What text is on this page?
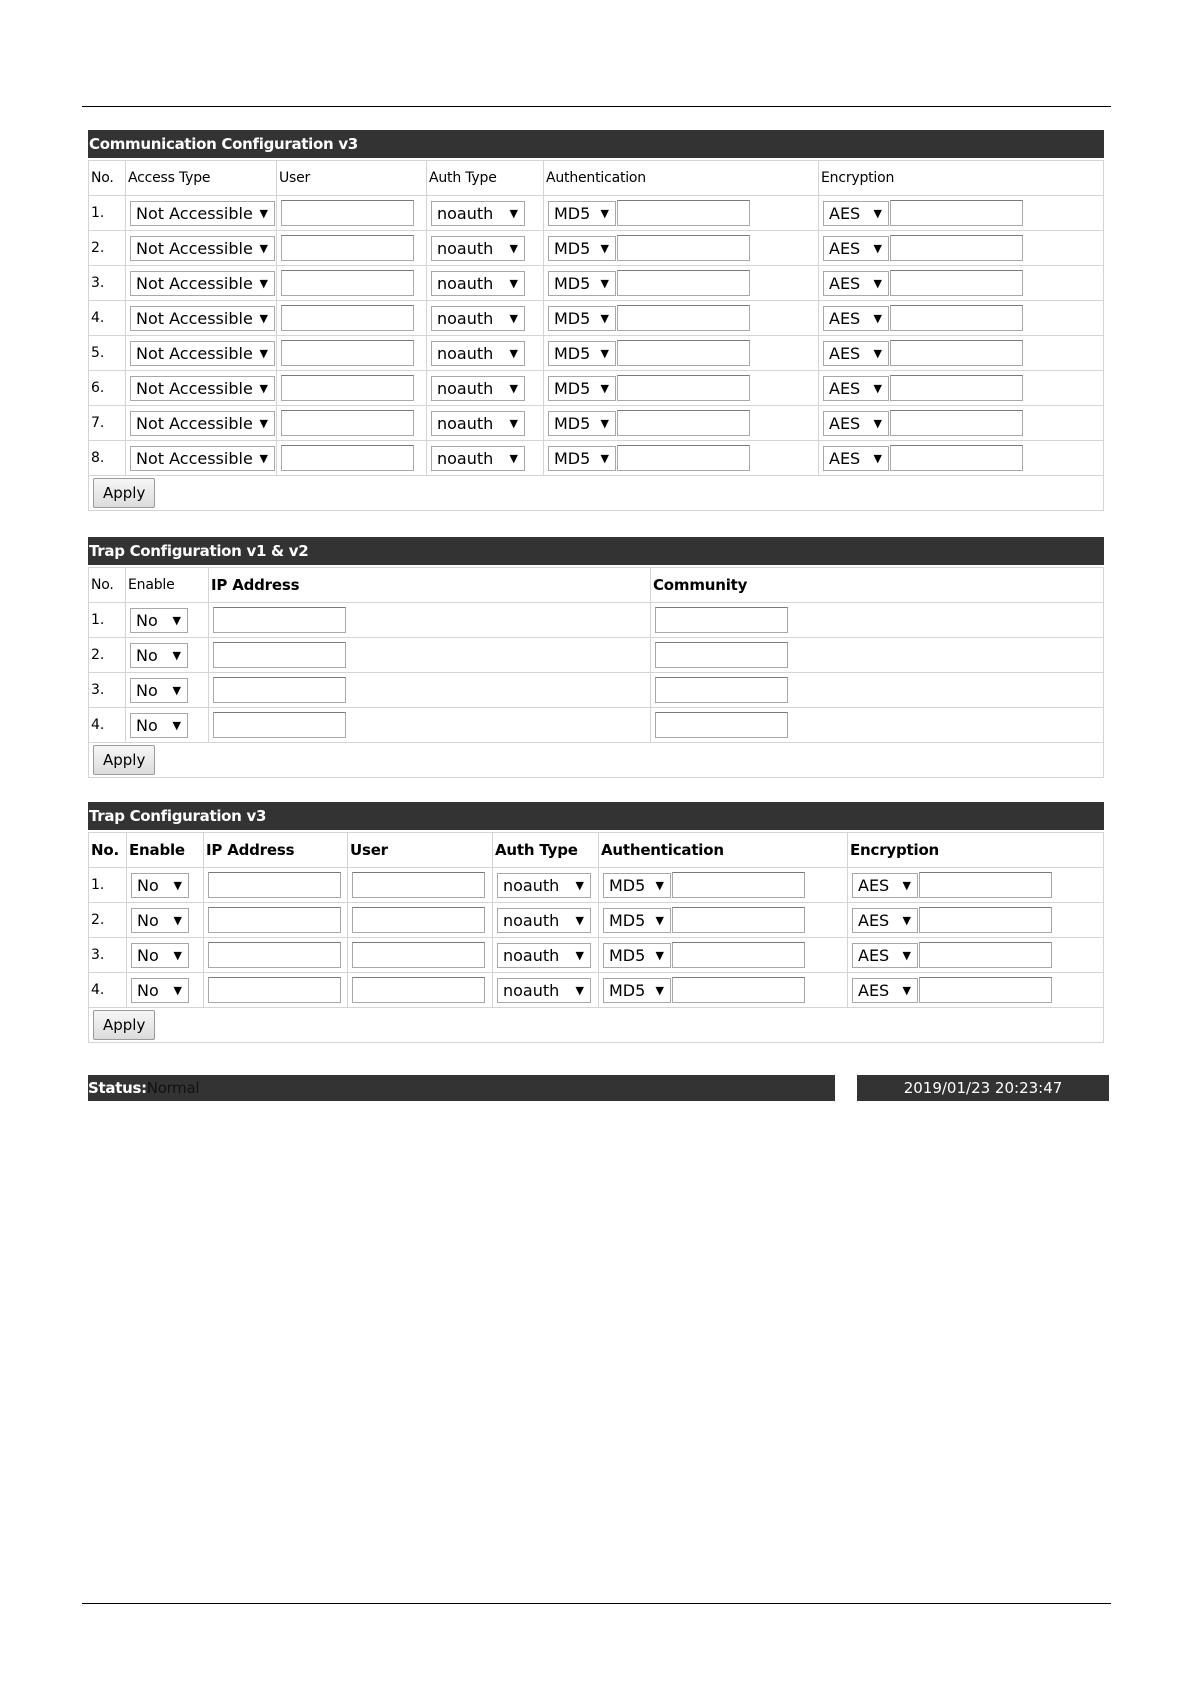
Communication Configuration v3
No.	Access Type	User	Auth Type	Authentication	Encryption
1.	Not Accessible ▼		noauth ▼	MD5 ▼	AES ▼

2.	Not Accessible ▼		noauth ▼	MD5 ▼	AES ▼

3.	Not Accessible ▼		noauth ▼	MD5 ▼	AES ▼

4.	Not Accessible ▼		noauth ▼	MD5 ▼	AES ▼

5.	Not Accessible ▼		noauth ▼	MD5 ▼	AES ▼

6.	Not Accessible ▼		noauth ▼	MD5 ▼	AES ▼

7.	Not Accessible ▼		noauth ▼	MD5 ▼	AES ▼

8.	Not Accessible ▼		noauth ▼	MD5 ▼	AES ▼

Apply					
Trap Configuration v1 & v2
No.	Enable	IP Address	Community
1.	No ▼		

2.	No ▼		

3.	No ▼		

4.	No ▼		

Apply			
Trap Configuration v3
No.	Enable	IP Address	User	Auth Type	Authentication	Encryption
1.	No ▼			noauth ▼	MD5 ▼	AES ▼

2.	No ▼			noauth ▼	MD5 ▼	AES ▼

3.	No ▼			noauth ▼	MD5 ▼	AES ▼

4.	No ▼			noauth ▼	MD5 ▼	AES ▼

Apply						
Status:Normal	2019/01/23 20:23:47
